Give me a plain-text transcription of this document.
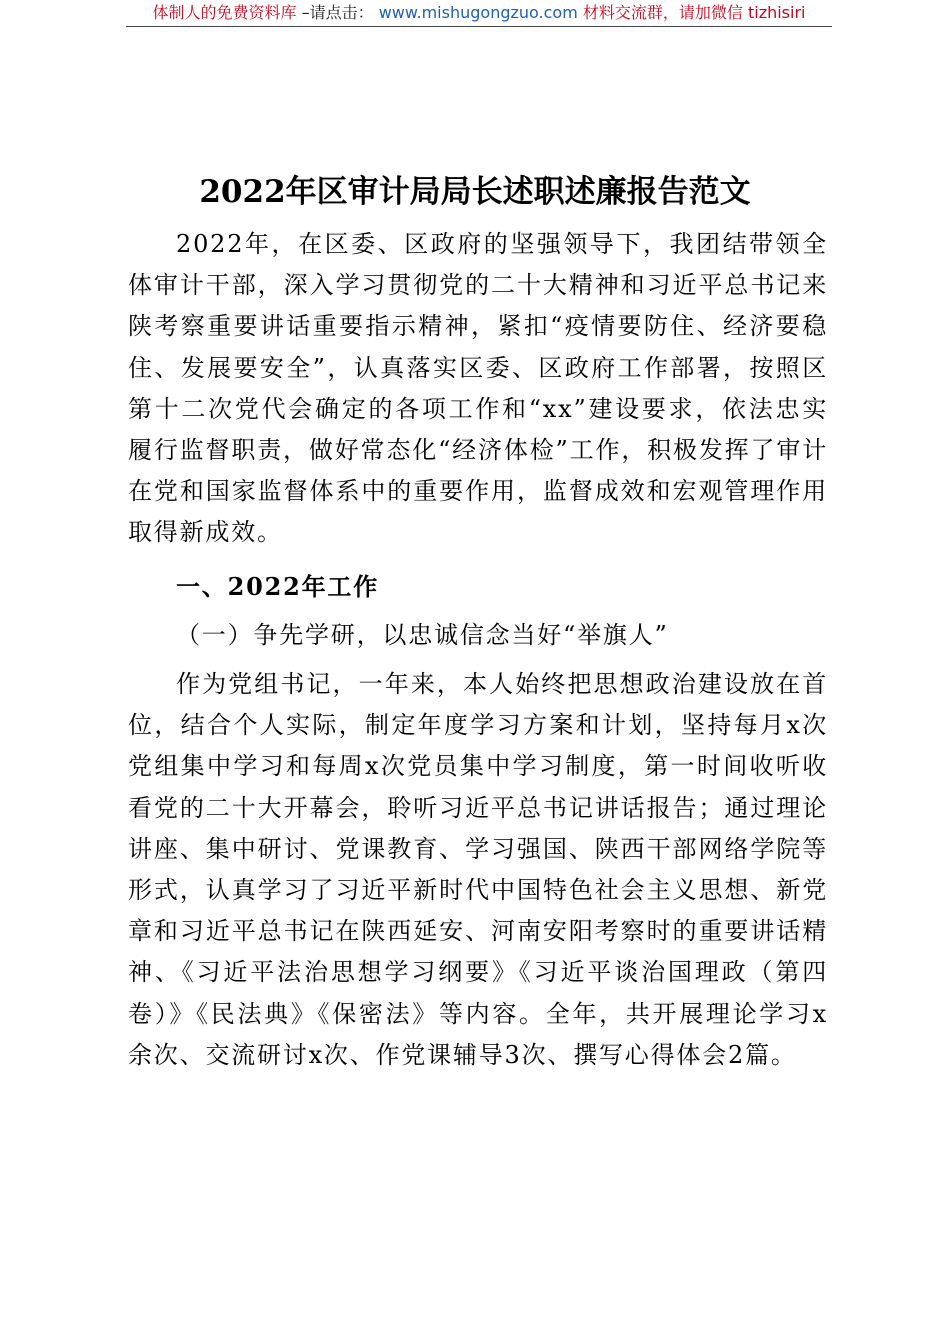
体制人的免费资料库 –请点击： www.mishugongzuo.com 材料交流群，请加微信 tizhisiri
2022年区审计局局长述职述廉报告范文

2022年，在区委、区政府的坚强领导下，我团结带领全体审计干部，深入学习贯彻党的二十大精神和习近平总书记来陕考察重要讲话重要指示精神，紧扣“疫情要防住、经济要稳住、发展要安全”，认真落实区委、区政府工作部署，按照区第十二次党代会确定的各项工作和“xx”建设要求，依法忠实履行监督职责，做好常态化“经济体检”工作，积极发挥了审计在党和国家监督体系中的重要作用，监督成效和宏观管理作用取得新成效。

一、2022年工作

（一）争先学研，以忠诚信念当好“举旗人”

作为党组书记，一年来，本人始终把思想政治建设放在首位，结合个人实际，制定年度学习方案和计划，坚持每月x次党组集中学习和每周x次党员集中学习制度，第一时间收听收看党的二十大开幕会，聆听习近平总书记讲话报告；通过理论讲座、集中研讨、党课教育、学习强国、陕西干部网络学院等形式，认真学习了习近平新时代中国特色社会主义思想、新党章和习近平总书记在陕西延安、河南安阳考察时的重要讲话精神、《习近平法治思想学习纲要》《习近平谈治国理政（第四卷）》《民法典》《保密法》等内容。全年，共开展理论学习x余次、交流研讨x次、作党课辅导3次、撰写心得体会2篇。
